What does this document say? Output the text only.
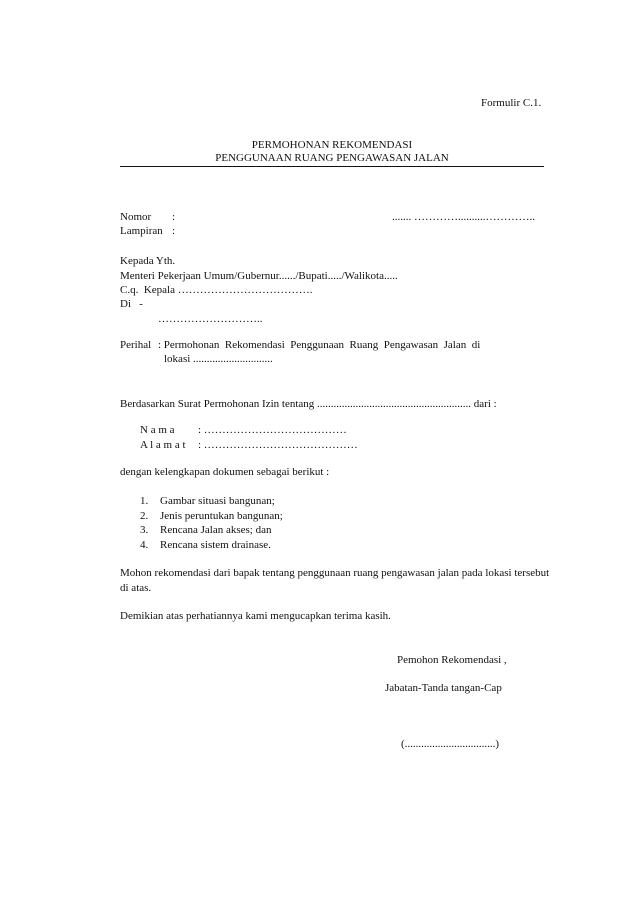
Formulir C.1.
PERMOHONAN REKOMENDASI
PENGGUNAAN RUANG PENGAWASAN JALAN
Nomor :	....... …………..........…………..
Lampiran :
Kepada Yth.
Menteri Pekerjaan Umum/Gubernur....../Bupati...../Walikota.....
C.q.  Kepala ……………………………….
Di   -
………………………..
Perihal : Permohonan  Rekomendasi  Penggunaan  Ruang  Pengawasan  Jalan  di
lokasi .............................
Berdasarkan Surat Permohonan Izin tentang ........................................................ dari :
N a m a : …………………………………
A l a m a t : ……………………………………
dengan kelengkapan dokumen sebagai berikut :
1. Gambar situasi bangunan;
2. Jenis peruntukan bangunan;
3. Rencana Jalan akses; dan
4. Rencana sistem drainase.
Mohon rekomendasi dari bapak tentang penggunaan ruang pengawasan jalan pada lokasi tersebut
di atas.
Demikian atas perhatiannya kami mengucapkan terima kasih.
Pemohon Rekomendasi ,
Jabatan-Tanda tangan-Cap
(.................................)
